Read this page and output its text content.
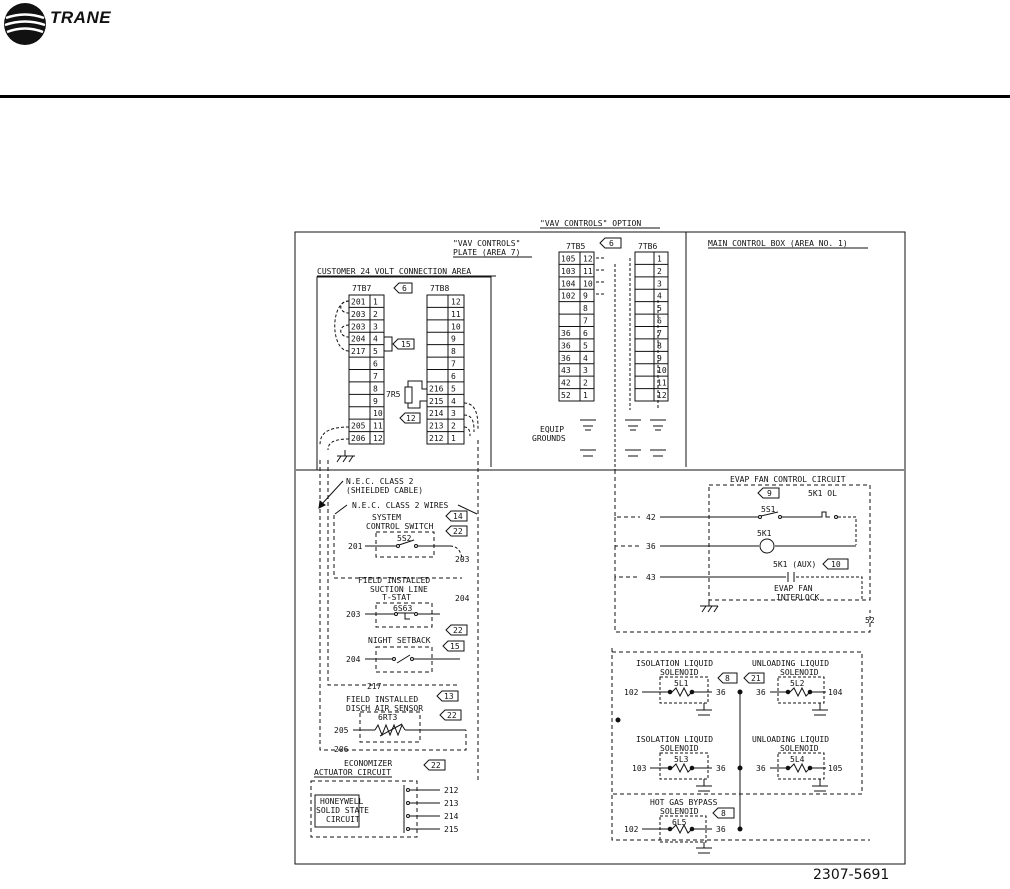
TRANE
"VAV CONTROLS" OPTION
"VAV CONTROLS"
PLATE (AREA 7)
MAIN CONTROL BOX (AREA NO. 1)
CUSTOMER 24 VOLT CONNECTION AREA
7TB7	6
201 1
203 2
203 3
204 4
217 5
6
7
8
9
10
205 11
206 12
7TB8
12
11
10
9
8
7
6
216 5
215 4
214 3
213 2
212 1
15
7R5
12
7TB5	6
105 12
103 11
104 10
102 9
8
7
36 6
36 5
36 4
43 3
42 2
52 1
7TB6
1
2
3
4
5
6
7
8
9
10
11
12
EQUIP
GROUNDS
N.E.C. CLASS 2
(SHIELDED CABLE)
N.E.C. CLASS 2 WIRES
SYSTEM
CONTROL SWITCH
14
22
5S2
201
203
FIELD INSTALLED
SUCTION LINE
T-STAT	204
6S63
203
22
NIGHT SETBACK
15
204
217
FIELD INSTALLED
DISCH AIR SENSOR
13
22
6RT3
205
206
ECONOMIZER
ACTUATOR CIRCUIT
22
HONEYWELL
SOLID STATE
CIRCUIT
212
213
214
215
EVAP FAN CONTROL CIRCUIT
9	5K1 OL
5S1
42
5K1
36
5K1 (AUX) 10
43
EVAP FAN
INTERLOCK
52
ISOLATION LIQUID
SOLENOID
5L1
8
102	36
UNLOADING LIQUID
SOLENOID
21
5L2
36	104
ISOLATION LIQUID
SOLENOID
5L3
103	36
UNLOADING LIQUID
SOLENOID
5L4
36	105
HOT GAS BYPASS
SOLENOID	8
6L5
102	36
2307-5691
